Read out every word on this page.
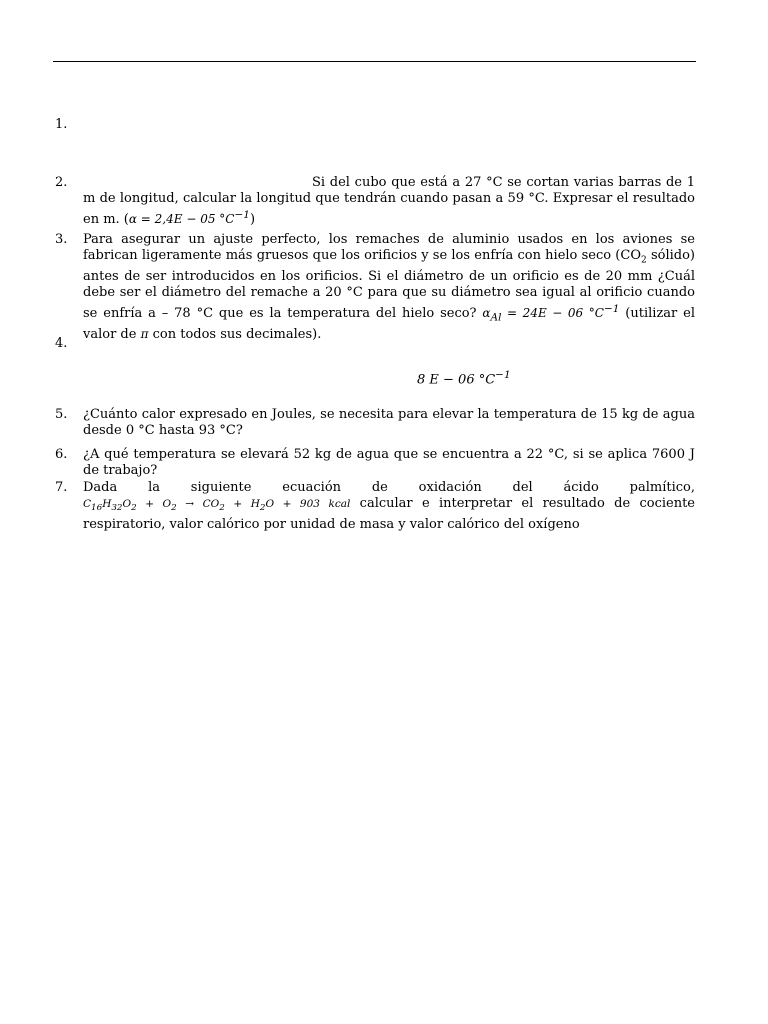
1.
2.	Si del cubo que está a 27 °C se cortan varias barras de 1 m de longitud, calcular la longitud que tendrán cuando pasan a 59 °C. Expresar el resultado en m. (α = 2,4E − 05 $^\circ C^{-1}$)
3. Para asegurar un ajuste perfecto, los remaches de aluminio usados en los aviones se fabrican ligeramente más gruesos que los orificios y se los enfría con hielo seco ($CO_2$ sólido) antes de ser introducidos en los orificios. Si el diámetro de un orificio es de 20 mm ¿Cuál debe ser el diámetro del remache a 20 °C para que su diámetro sea igual al orificio cuando se enfría a – 78 °C que es la temperatura del hielo seco? $\alpha_{Al} = 24E - 06$ $^\circ C^{-1}$ (utilizar el valor de π con todos sus decimales).
4.
8 E − 06 $^\circ C^{-1}$
5. ¿Cuánto calor expresado en Joules, se necesita para elevar la temperatura de 15 kg de agua desde 0 °C hasta 93 °C?
6. ¿A qué temperatura se elevará 52 kg de agua que se encuentra a 22 °C, si se aplica 7600 J de trabajo?
7. Dada la siguiente ecuación de oxidación del ácido palmítico, $C_{16}H_{32}O_2 + O_2 \to CO_2 + H_2O + 903$ kcal calcular e interpretar el resultado de cociente respiratorio, valor calórico por unidad de masa y valor calórico del oxígeno
